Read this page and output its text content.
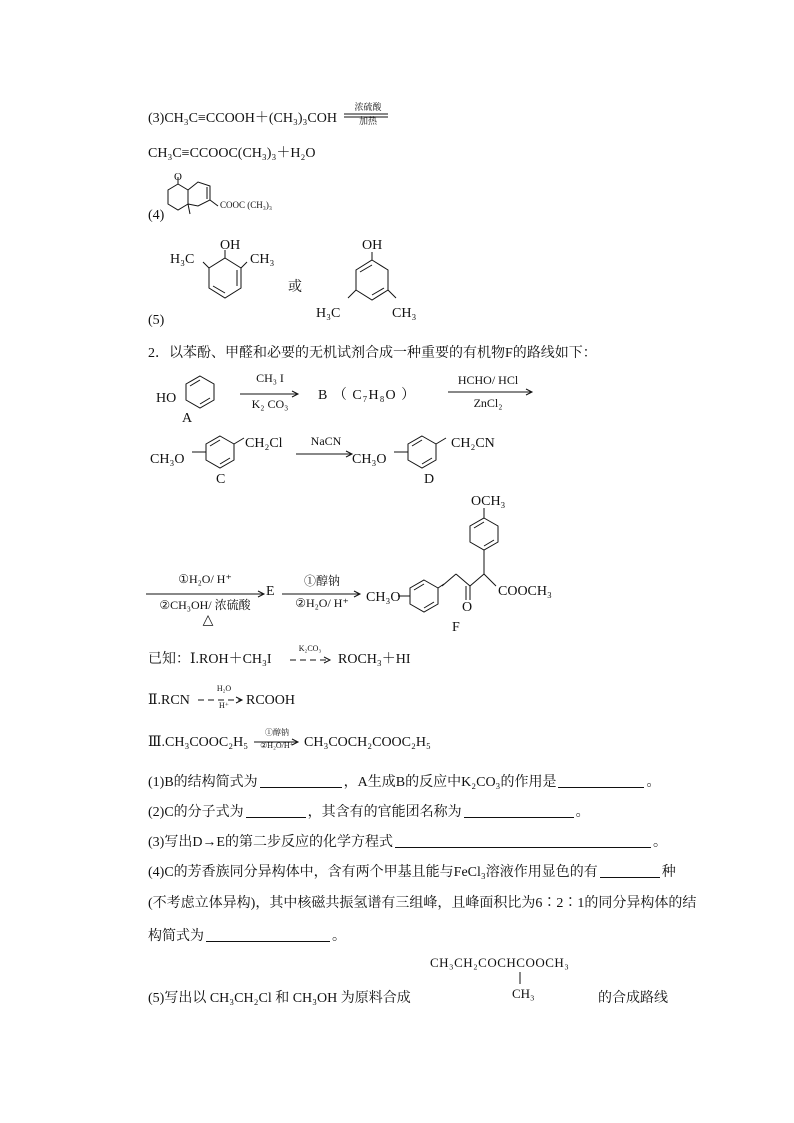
(3)CH₃C≡CCOOH＋(CH₃)₃COH
浓硫酸
加热
CH₃C≡CCOOC(CH₃)₃＋H₂O
O
COOC (CH₃)₃
(4)
OH
H₃C	CH₃
或
OH
H₃C	CH₃
(5)
2．以苯酚、甲醛和必要的无机试剂合成一种重要的有机物F的路线如下：
HO
A
CH₃ I
K₂ CO₃
B （ C₇H₈O ）
HCHO/ HCl
ZnCl₂
CH₃O
CH₂Cl
C
NaCN
CH₃O
CH₂CN
D
①H₂O/ H⁺
②CH₃OH/ 浓硫酸
△
E
①醇钠
②H₂O/ H⁺
OCH₃
CH₃O	COOCH₃
O
F
已知：Ⅰ.ROH＋CH₃I
K₂CO₃
ROCH₃＋HI
Ⅱ.RCN
H₂O
H⁺	RCOOH
Ⅲ.CH₃COOC₂H₅
①醇钠
②H₂O/H⁺ CH₃COCH₂COOC₂H₅
(1)B的结构简式为	，A生成B的反应中K₂CO₃的作用是	。
(2)C的分子式为	，其含有的官能团名称为	。
(3)写出D→E的第二步反应的化学方程式	。
(4)C的芳香族同分异构体中，含有两个甲基且能与FeCl₃溶液作用显色的有	种
(不考虑立体异构)，其中核磁共振氢谱有三组峰，且峰面积比为6∶2∶1的同分异构体的结
构简式为	。
CH₃CH₂COCHCOOCH₃
CH₃
(5)写出以 CH₃CH₂Cl 和 CH₃OH 为原料合成	的合成路线
